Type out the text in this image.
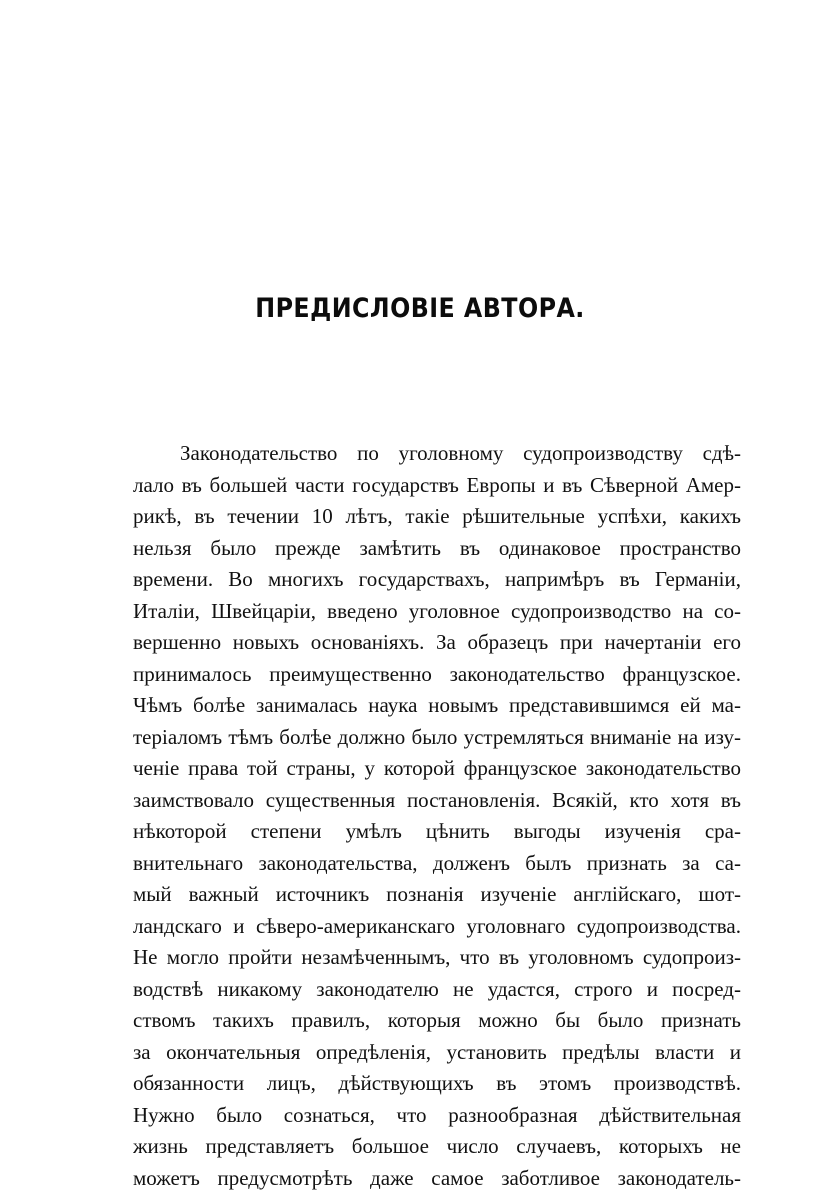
ПРЕДИСЛОВІЕ АВТОРА.
Законодательство по уголовному судопроизводству сдѣ-
лало въ большей части государствъ Европы и въ Сѣверной Амер-
рикѣ, въ течении 10 лѣтъ, такіе рѣшительные успѣхи, какихъ
нельзя было прежде замѣтить въ одинаковое пространство
времени. Во многихъ государствахъ, напримѣръ въ Германіи,
Италіи, Швейцаріи, введено уголовное судопроизводство на со-
вершенно новыхъ основаніяхъ. За образецъ при начертаніи его
принималось преимущественно законодательство французское.
Чѣмъ болѣе занималась наука новымъ представившимся ей ма-
теріаломъ тѣмъ болѣе должно было устремляться вниманіе на изу-
ченіе права той страны, у которой французское законодательство
заимствовало существенныя постановленія. Всякій, кто хотя въ
нѣкоторой степени умѣлъ цѣнить выгоды изученія сра-
внительнаго законодательства, долженъ былъ признать за са-
мый важный источникъ познанія изученіе англійскаго, шот-
ландскаго и сѣверо-американскаго уголовнаго судопроизводства.
Не могло пройти незамѣченнымъ, что въ уголовномъ судопроиз-
водствѣ никакому законодателю не удастся, строго и посред-
ствомъ такихъ правилъ, которыя можно бы было признать
за окончательныя опредѣленія, установить предѣлы власти и
обязанности лицъ, дѣйствующихъ въ этомъ производствѣ.
Нужно было сознаться, что разнообразная дѣйствительная
жизнь представляетъ большое число случаевъ, которыхъ не
можетъ предусмотрѣть даже самое заботливое законодатель-
